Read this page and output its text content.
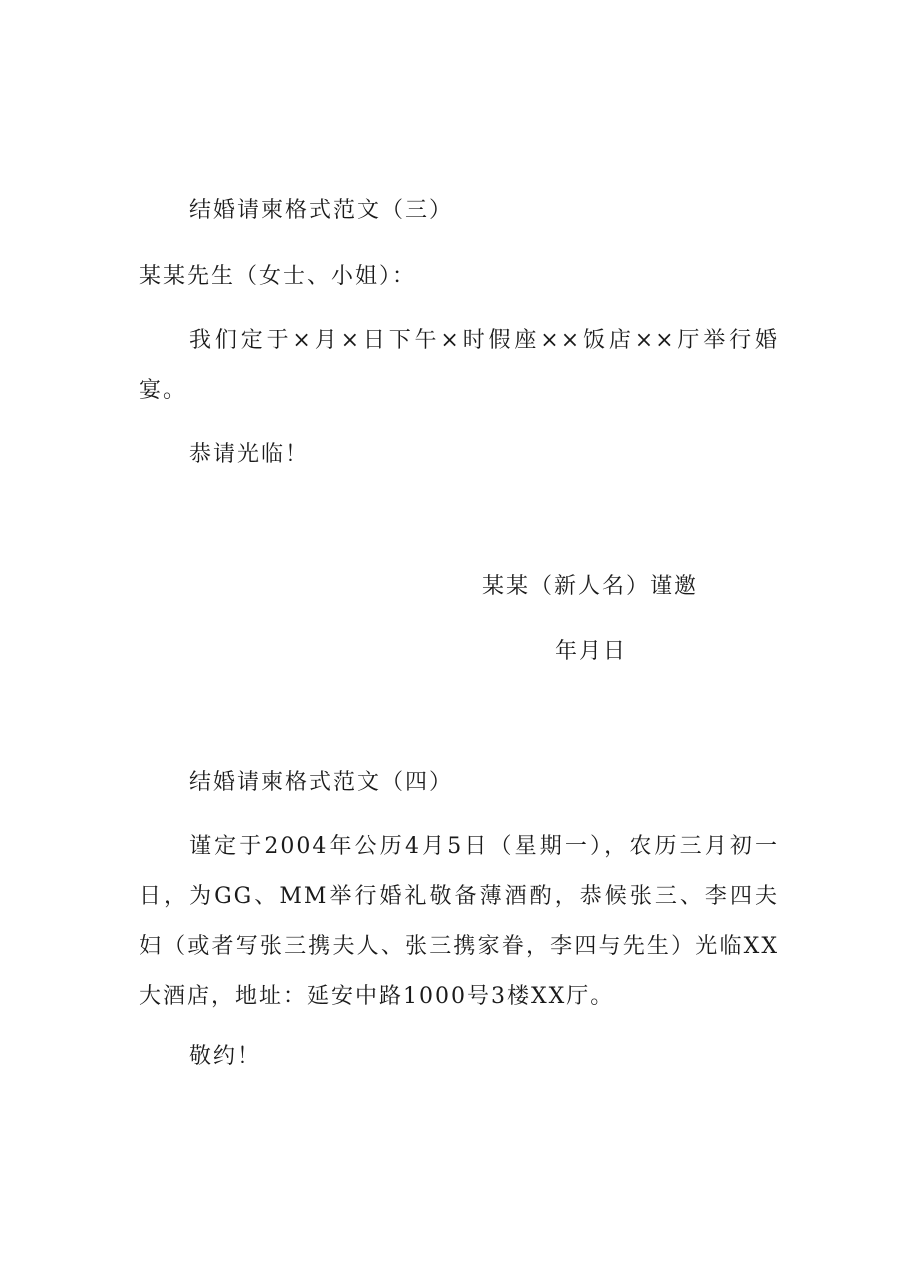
结婚请柬格式范文（三）
某某先生（女士、小姐）：
我们定于×月×日下午×时假座××饭店××厅举行婚宴。
恭请光临！
某某（新人名）谨邀
年月日
结婚请柬格式范文（四）
谨定于2004年公历4月5日（星期一），农历三月初一日，为GG、MM举行婚礼敬备薄酒酌，恭候张三、李四夫妇（或者写张三携夫人、张三携家眷，李四与先生）光临XX大酒店，地址：延安中路1000号3楼XX厅。
敬约！
